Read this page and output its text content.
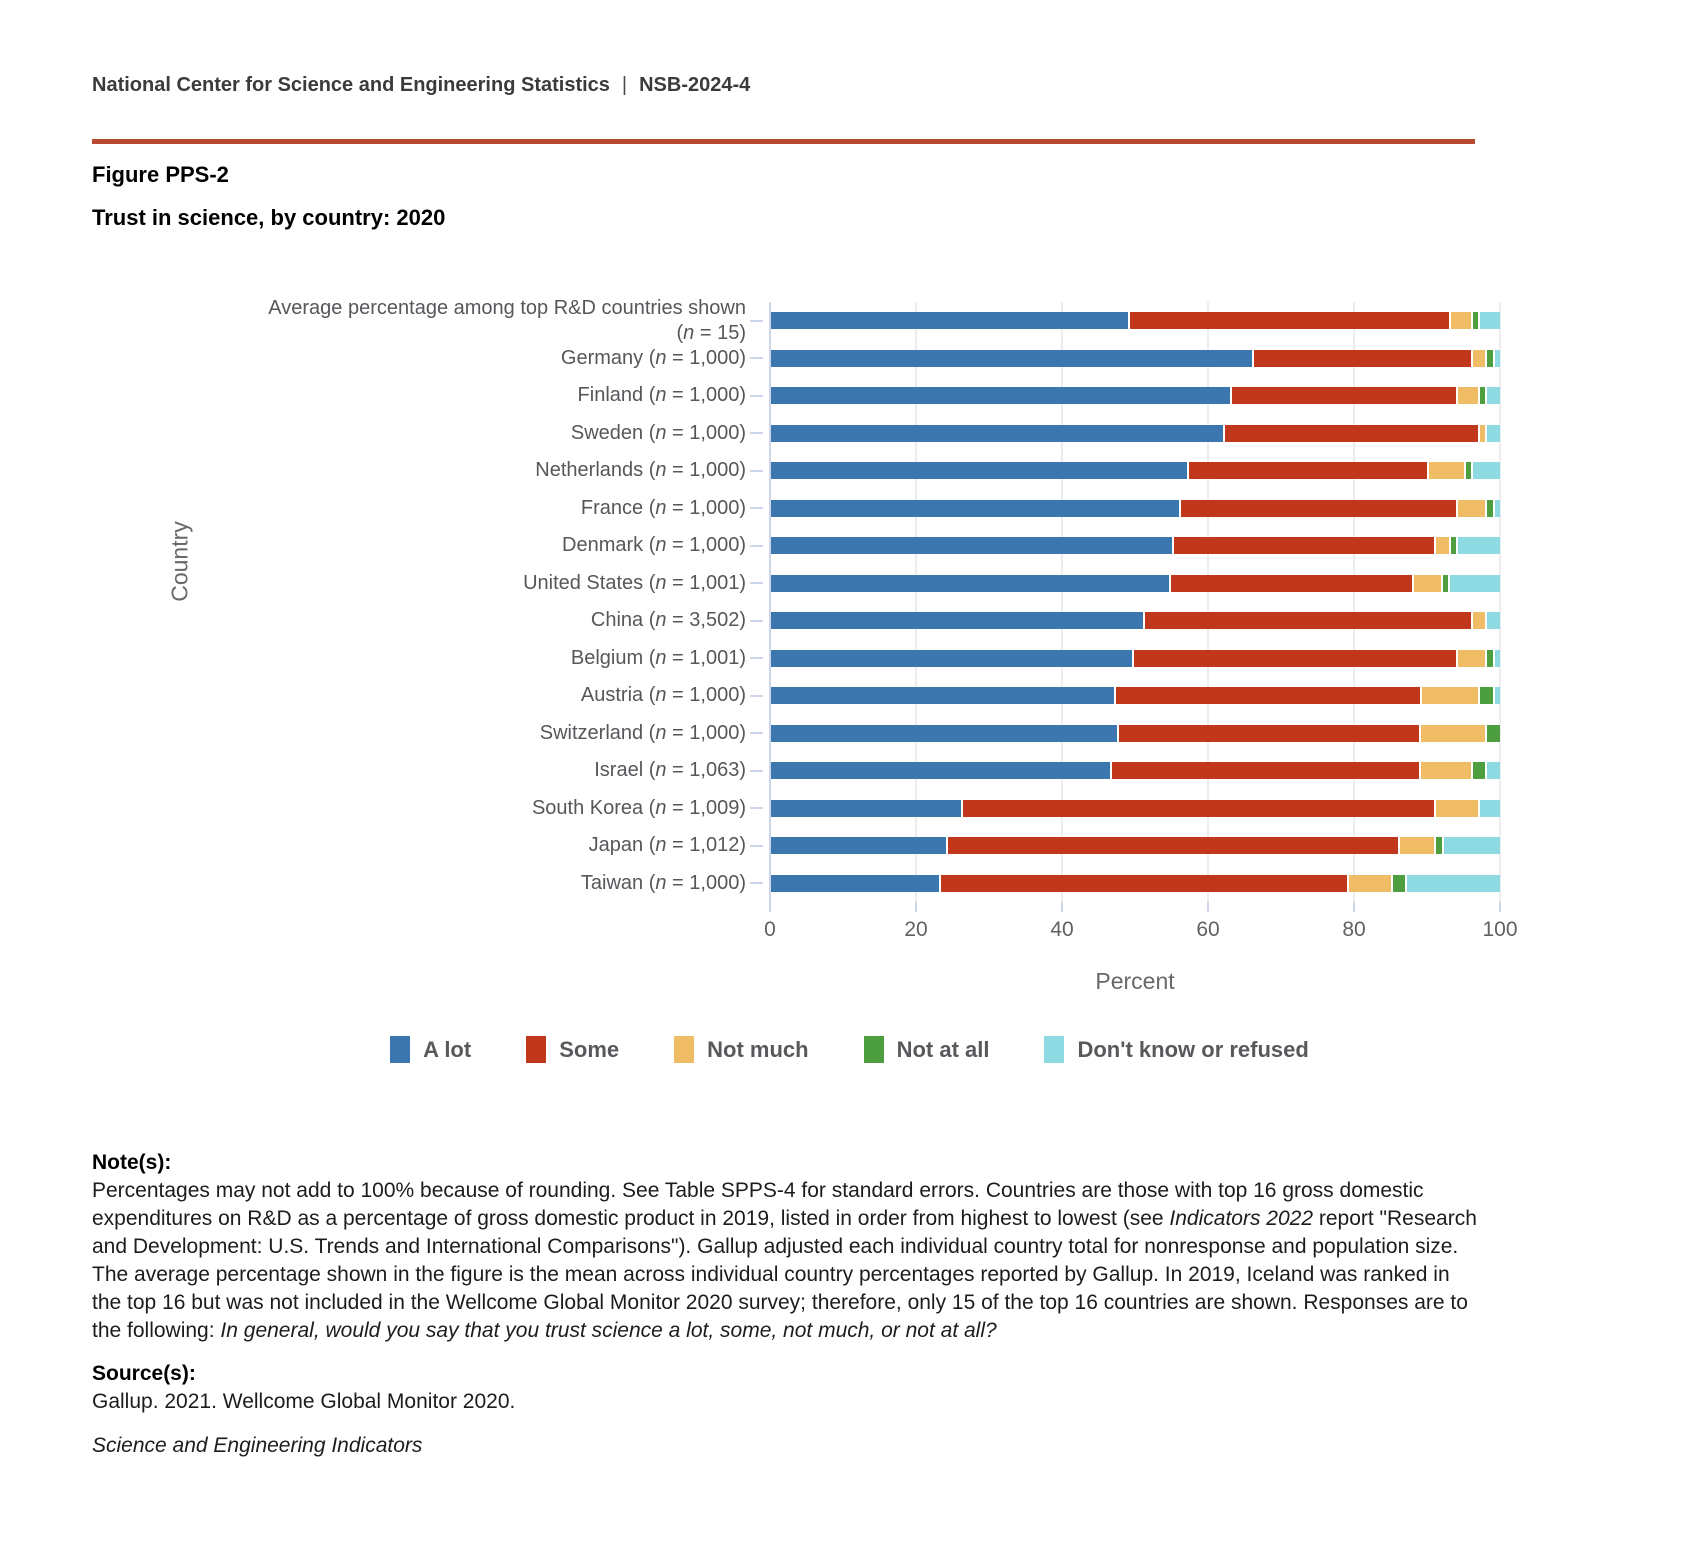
National Center for Science and Engineering Statistics | NSB-2024-4
Figure PPS-2
Trust in science, by country: 2020
Country
Average percentage among top R&D countries shown (n = 15)
Germany (n = 1,000)
Finland (n = 1,000)
Sweden (n = 1,000)
Netherlands (n = 1,000)
France (n = 1,000)
Denmark (n = 1,000)
United States (n = 1,001)
China (n = 3,502)
Belgium (n = 1,001)
Austria (n = 1,000)
Switzerland (n = 1,000)
Israel (n = 1,063)
South Korea (n = 1,009)
Japan (n = 1,012)
Taiwan (n = 1,000)
0	20	40	60	80	100
Percent
A lot	Some	Not much	Not at all	Don't know or refused
Note(s):
Percentages may not add to 100% because of rounding. See Table SPPS-4 for standard errors. Countries are those with top 16 gross domestic expenditures on R&D as a percentage of gross domestic product in 2019, listed in order from highest to lowest (see Indicators 2022 report "Research and Development: U.S. Trends and International Comparisons"). Gallup adjusted each individual country total for nonresponse and population size. The average percentage shown in the figure is the mean across individual country percentages reported by Gallup. In 2019, Iceland was ranked in the top 16 but was not included in the Wellcome Global Monitor 2020 survey; therefore, only 15 of the top 16 countries are shown. Responses are to the following: In general, would you say that you trust science a lot, some, not much, or not at all?
Source(s):
Gallup. 2021. Wellcome Global Monitor 2020.
Science and Engineering Indicators
